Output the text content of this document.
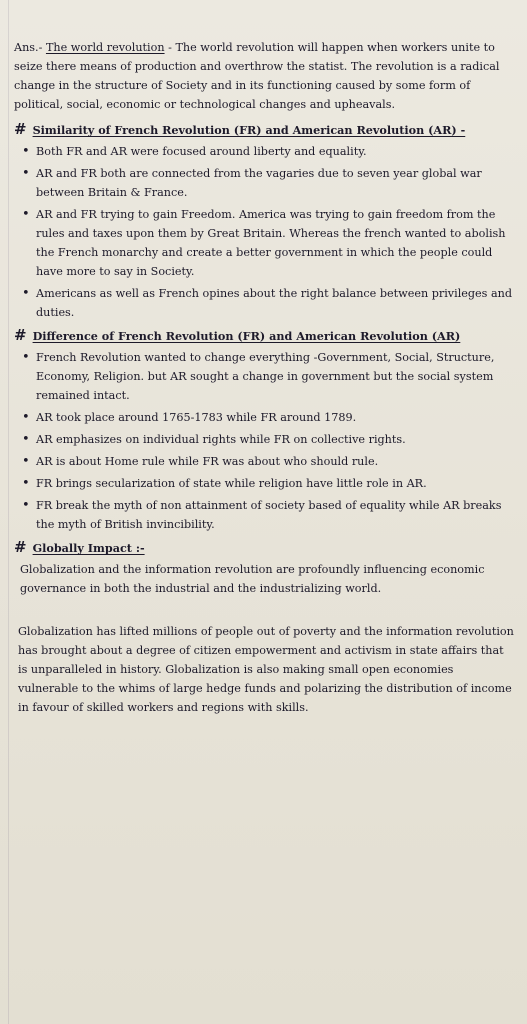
Ans.- The world revolution - The world revolution will happen when workers unite to seize there means of production and overthrow the statist. The revolution is a radical change in the structure of Society and in its functioning caused by some form of political, social, economic or technological changes and upheavals.

# Similarity of French Revolution (FR) and American Revolution (AR) -

• Both FR and AR were focused around liberty and equality.
• AR and FR both are connected from the vagaries due to seven year global war between Britain & France.
• AR and FR trying to gain Freedom. America was trying to gain freedom from the rules and taxes upon them by Great Britain. Whereas the french wanted to abolish the French monarchy and create a better government in which the people could have more to say in Society.
• Americans as well as French opines about the right balance between privileges and duties.

# Difference of French Revolution (FR) and American Revolution (AR)

• French Revolution wanted to change everything -Government, Social, Structure, Economy, Religion. but AR sought a change in government but the social system remained intact.
• AR took place around 1765-1783 while FR around 1789.
• AR emphasizes on individual rights while FR on collective rights.
• AR is about Home rule while FR was about who should rule.
• FR brings secularization of state while religion have little role in AR.
• FR break the myth of non attainment of society based of equality while AR breaks the myth of British invincibility.

# Globally Impact :-

Globalization and the information revolution are profoundly influencing economic governance in both the industrial and the industrializing world.

Globalization has lifted millions of people out of poverty and the information revolution has brought about a degree of citizen empowerment and activism in state affairs that is unparalleled in history. Globalization is also making small open economies vulnerable to the whims of large hedge funds and polarizing the distribution of income in favour of skilled workers and regions with skills.
